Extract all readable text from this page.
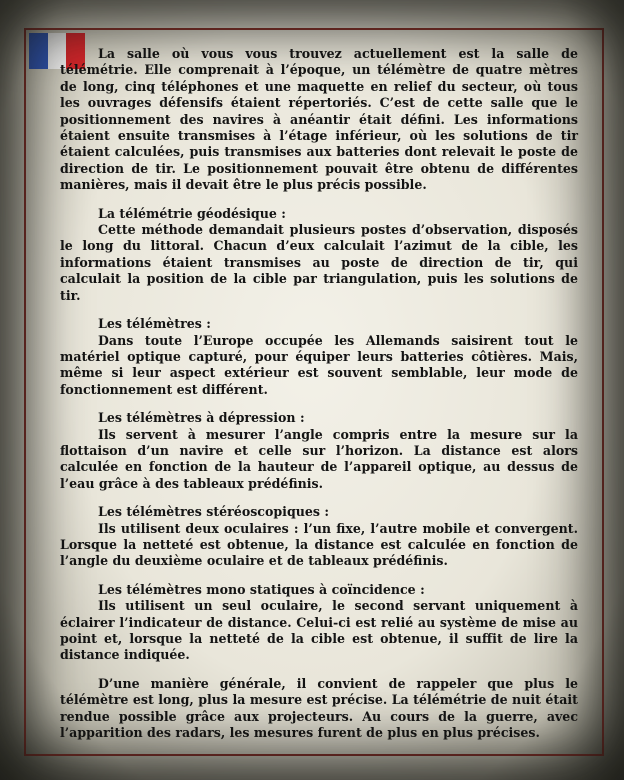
La salle où vous vous trouvez actuellement est la salle de télémétrie. Elle comprenait à l’époque, un télémètre de quatre mètres de long, cinq téléphones et une maquette en relief du secteur, où tous les ouvrages défensifs étaient répertoriés. C’est de cette salle que le positionnement des navires à anéantir était défini. Les informations étaient ensuite transmises à l’étage inférieur, où les solutions de tir étaient calculées, puis transmises aux batteries dont relevait le poste de direction de tir. Le positionnement pouvait être obtenu de différentes manières, mais il devait être le plus précis possible.

La télémétrie géodésique :

Cette méthode demandait plusieurs postes d’observation, disposés le long du littoral. Chacun d’eux calculait l’azimut de la cible, les informations étaient transmises au poste de direction de tir, qui calculait la position de la cible par triangulation, puis les solutions de tir.

Les télémètres :

Dans toute l’Europe occupée les Allemands saisirent tout le matériel optique capturé, pour équiper leurs batteries côtières. Mais, même si leur aspect extérieur est souvent semblable, leur mode de fonctionnement est différent.

Les télémètres à dépression :

Ils servent à mesurer l’angle compris entre la mesure sur la flottaison d’un navire et celle sur l’horizon. La distance est alors calculée en fonction de la hauteur de l’appareil optique, au dessus de l’eau grâce à des tableaux prédéfinis.

Les télémètres stéréoscopiques :

Ils utilisent deux oculaires : l’un fixe, l’autre mobile et convergent. Lorsque la netteté est obtenue, la distance est calculée en fonction de l’angle du deuxième oculaire et de tableaux prédéfinis.

Les télémètres mono statiques à coïncidence :

Ils utilisent un seul oculaire, le second servant uniquement à éclairer l’indicateur de distance. Celui-ci est relié au système de mise au point et, lorsque la netteté de la cible est obtenue, il suffit de lire la distance indiquée.

D’une manière générale, il convient de rappeler que plus le télémètre est long, plus la mesure est précise. La télémétrie de nuit était rendue possible grâce aux projecteurs. Au cours de la guerre, avec l’apparition des radars, les mesures furent de plus en plus précises.
